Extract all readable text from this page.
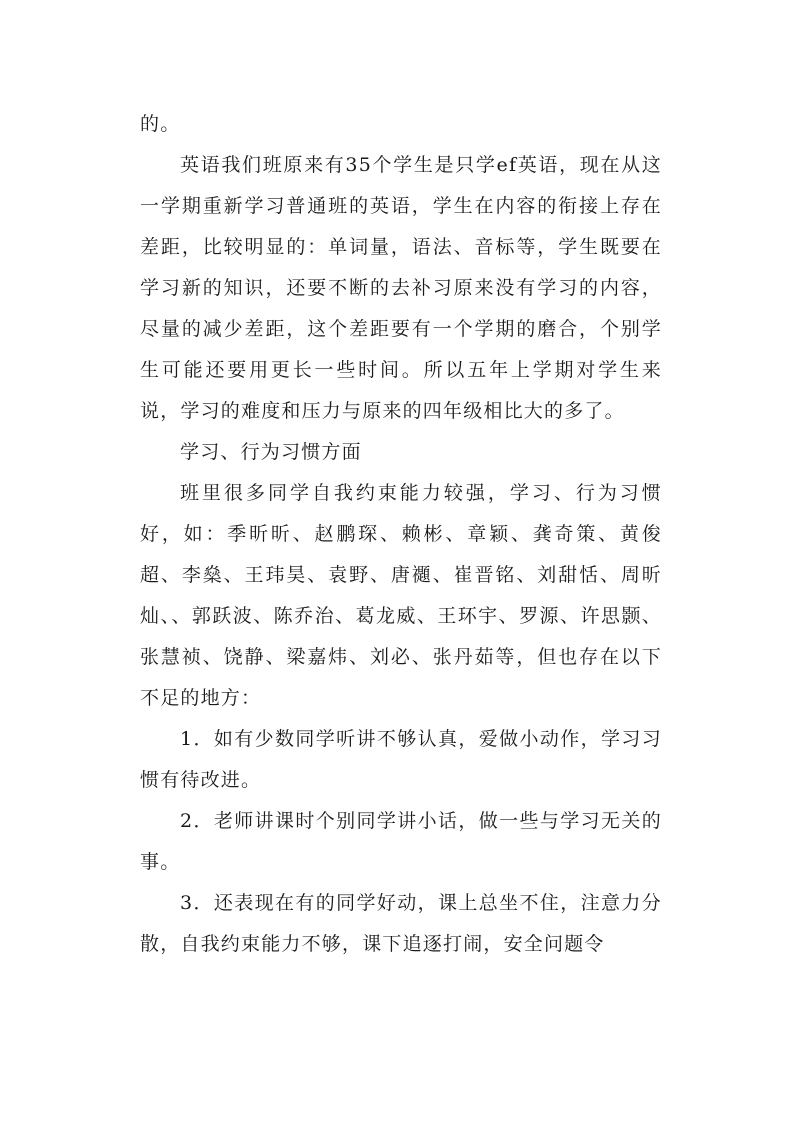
的。

英语我们班原来有35个学生是只学ef英语，现在从这一学期重新学习普通班的英语，学生在内容的衔接上存在差距，比较明显的：单词量，语法、音标等，学生既要在学习新的知识，还要不断的去补习原来没有学习的内容，尽量的减少差距，这个差距要有一个学期的磨合，个别学生可能还要用更长一些时间。所以五年上学期对学生来说，学习的难度和压力与原来的四年级相比大的多了。

学习、行为习惯方面

班里很多同学自我约束能力较强，学习、行为习惯好，如：季昕昕、赵鹏琛、赖彬、章颖、龚奇策、黄俊超、李燊、王玮昊、袁野、唐禵、崔晋铭、刘甜恬、周昕灿、、郭跃波、陈乔治、葛龙威、王环宇、罗源、许思颢、张慧祯、饶静、梁嘉炜、刘必、张丹茹等，但也存在以下不足的地方：

1．如有少数同学听讲不够认真，爱做小动作，学习习惯有待改进。

2．老师讲课时个别同学讲小话，做一些与学习无关的事。

3．还表现在有的同学好动，课上总坐不住，注意力分散，自我约束能力不够，课下追逐打闹，安全问题令
